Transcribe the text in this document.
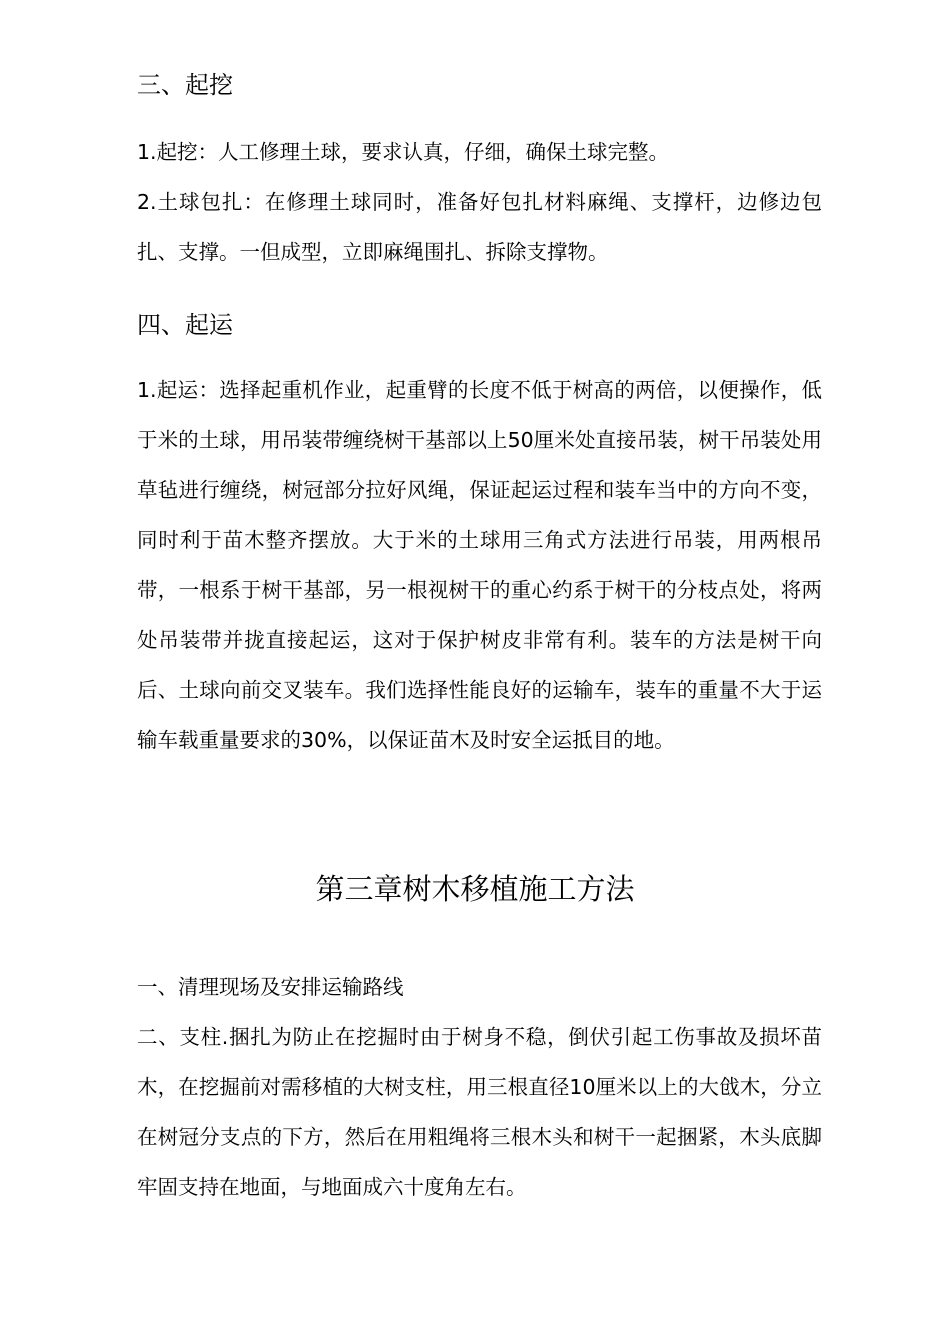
三、起挖

1.起挖：人工修理土球，要求认真，仔细，确保土球完整。

2.土球包扎：在修理土球同时，准备好包扎材料麻绳、支撑杆，边修边包扎、支撑。一但成型，立即麻绳围扎、拆除支撑物。

四、起运

1.起运：选择起重机作业，起重臂的长度不低于树高的两倍，以便操作，低于米的土球，用吊装带缠绕树干基部以上50厘米处直接吊装，树干吊装处用草毡进行缠绕，树冠部分拉好风绳，保证起运过程和装车当中的方向不变，同时利于苗木整齐摆放。大于米的土球用三角式方法进行吊装，用两根吊带，一根系于树干基部，另一根视树干的重心约系于树干的分枝点处，将两处吊装带并拢直接起运，这对于保护树皮非常有利。装车的方法是树干向后、土球向前交叉装车。我们选择性能良好的运输车，装车的重量不大于运输车载重量要求的30%，以保证苗木及时安全运抵目的地。

第三章树木移植施工方法

一、清理现场及安排运输路线

二、支柱.捆扎为防止在挖掘时由于树身不稳，倒伏引起工伤事故及损坏苗木，在挖掘前对需移植的大树支柱，用三根直径10厘米以上的大戗木，分立在树冠分支点的下方，然后在用粗绳将三根木头和树干一起捆紧，木头底脚牢固支持在地面，与地面成六十度角左右。
